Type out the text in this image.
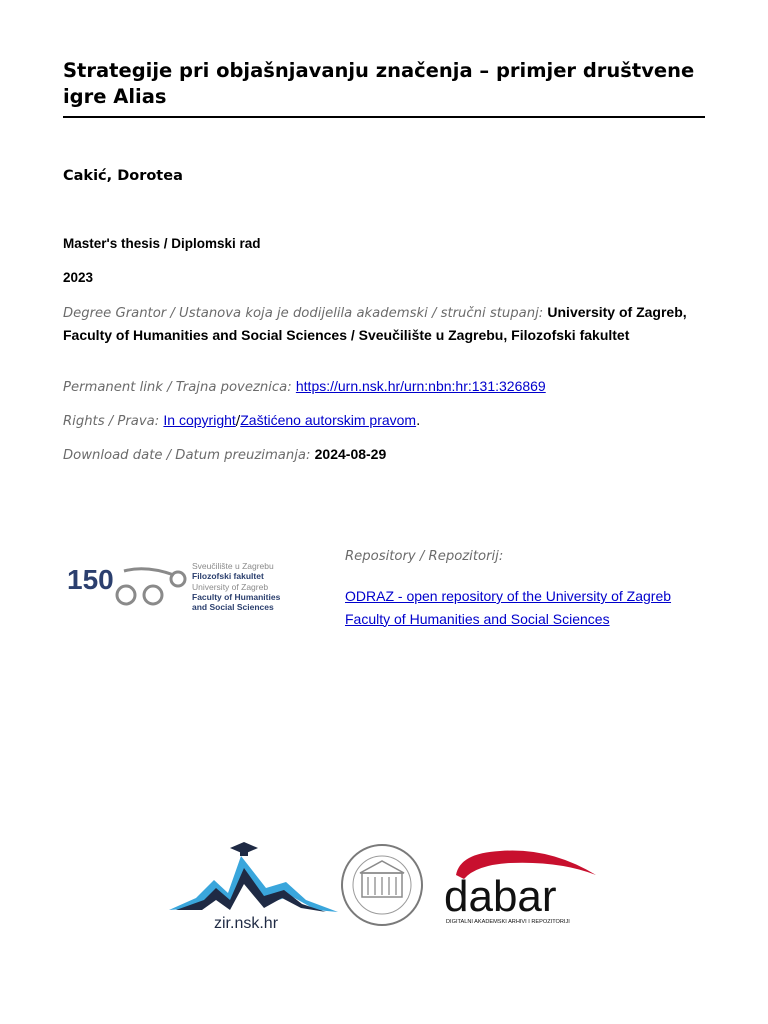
Strategije pri objašnjavanju značenja – primjer društvene igre Alias
Cakić, Dorotea
Master's thesis / Diplomski rad
2023
Degree Grantor / Ustanova koja je dodijelila akademski / stručni stupanj: University of Zagreb, Faculty of Humanities and Social Sciences / Sveučilište u Zagrebu, Filozofski fakultet
Permanent link / Trajna poveznica: https://urn.nsk.hr/urn:nbn:hr:131:326869
Rights / Prava: In copyright/Zaštićeno autorskim pravom.
Download date / Datum preuzimanja: 2024-08-29
150	Sveučilište u Zagrebu
Filozofski fakultet
University of Zagreb
Faculty of Humanities
and Social Sciences
Repository / Repozitorij:
ODRAZ - open repository of the University of Zagreb
Faculty of Humanities and Social Sciences
zir.nsk.hr
dabar
DIGITALNI AKADEMSKI ARHIVI I REPOZITORIJI
